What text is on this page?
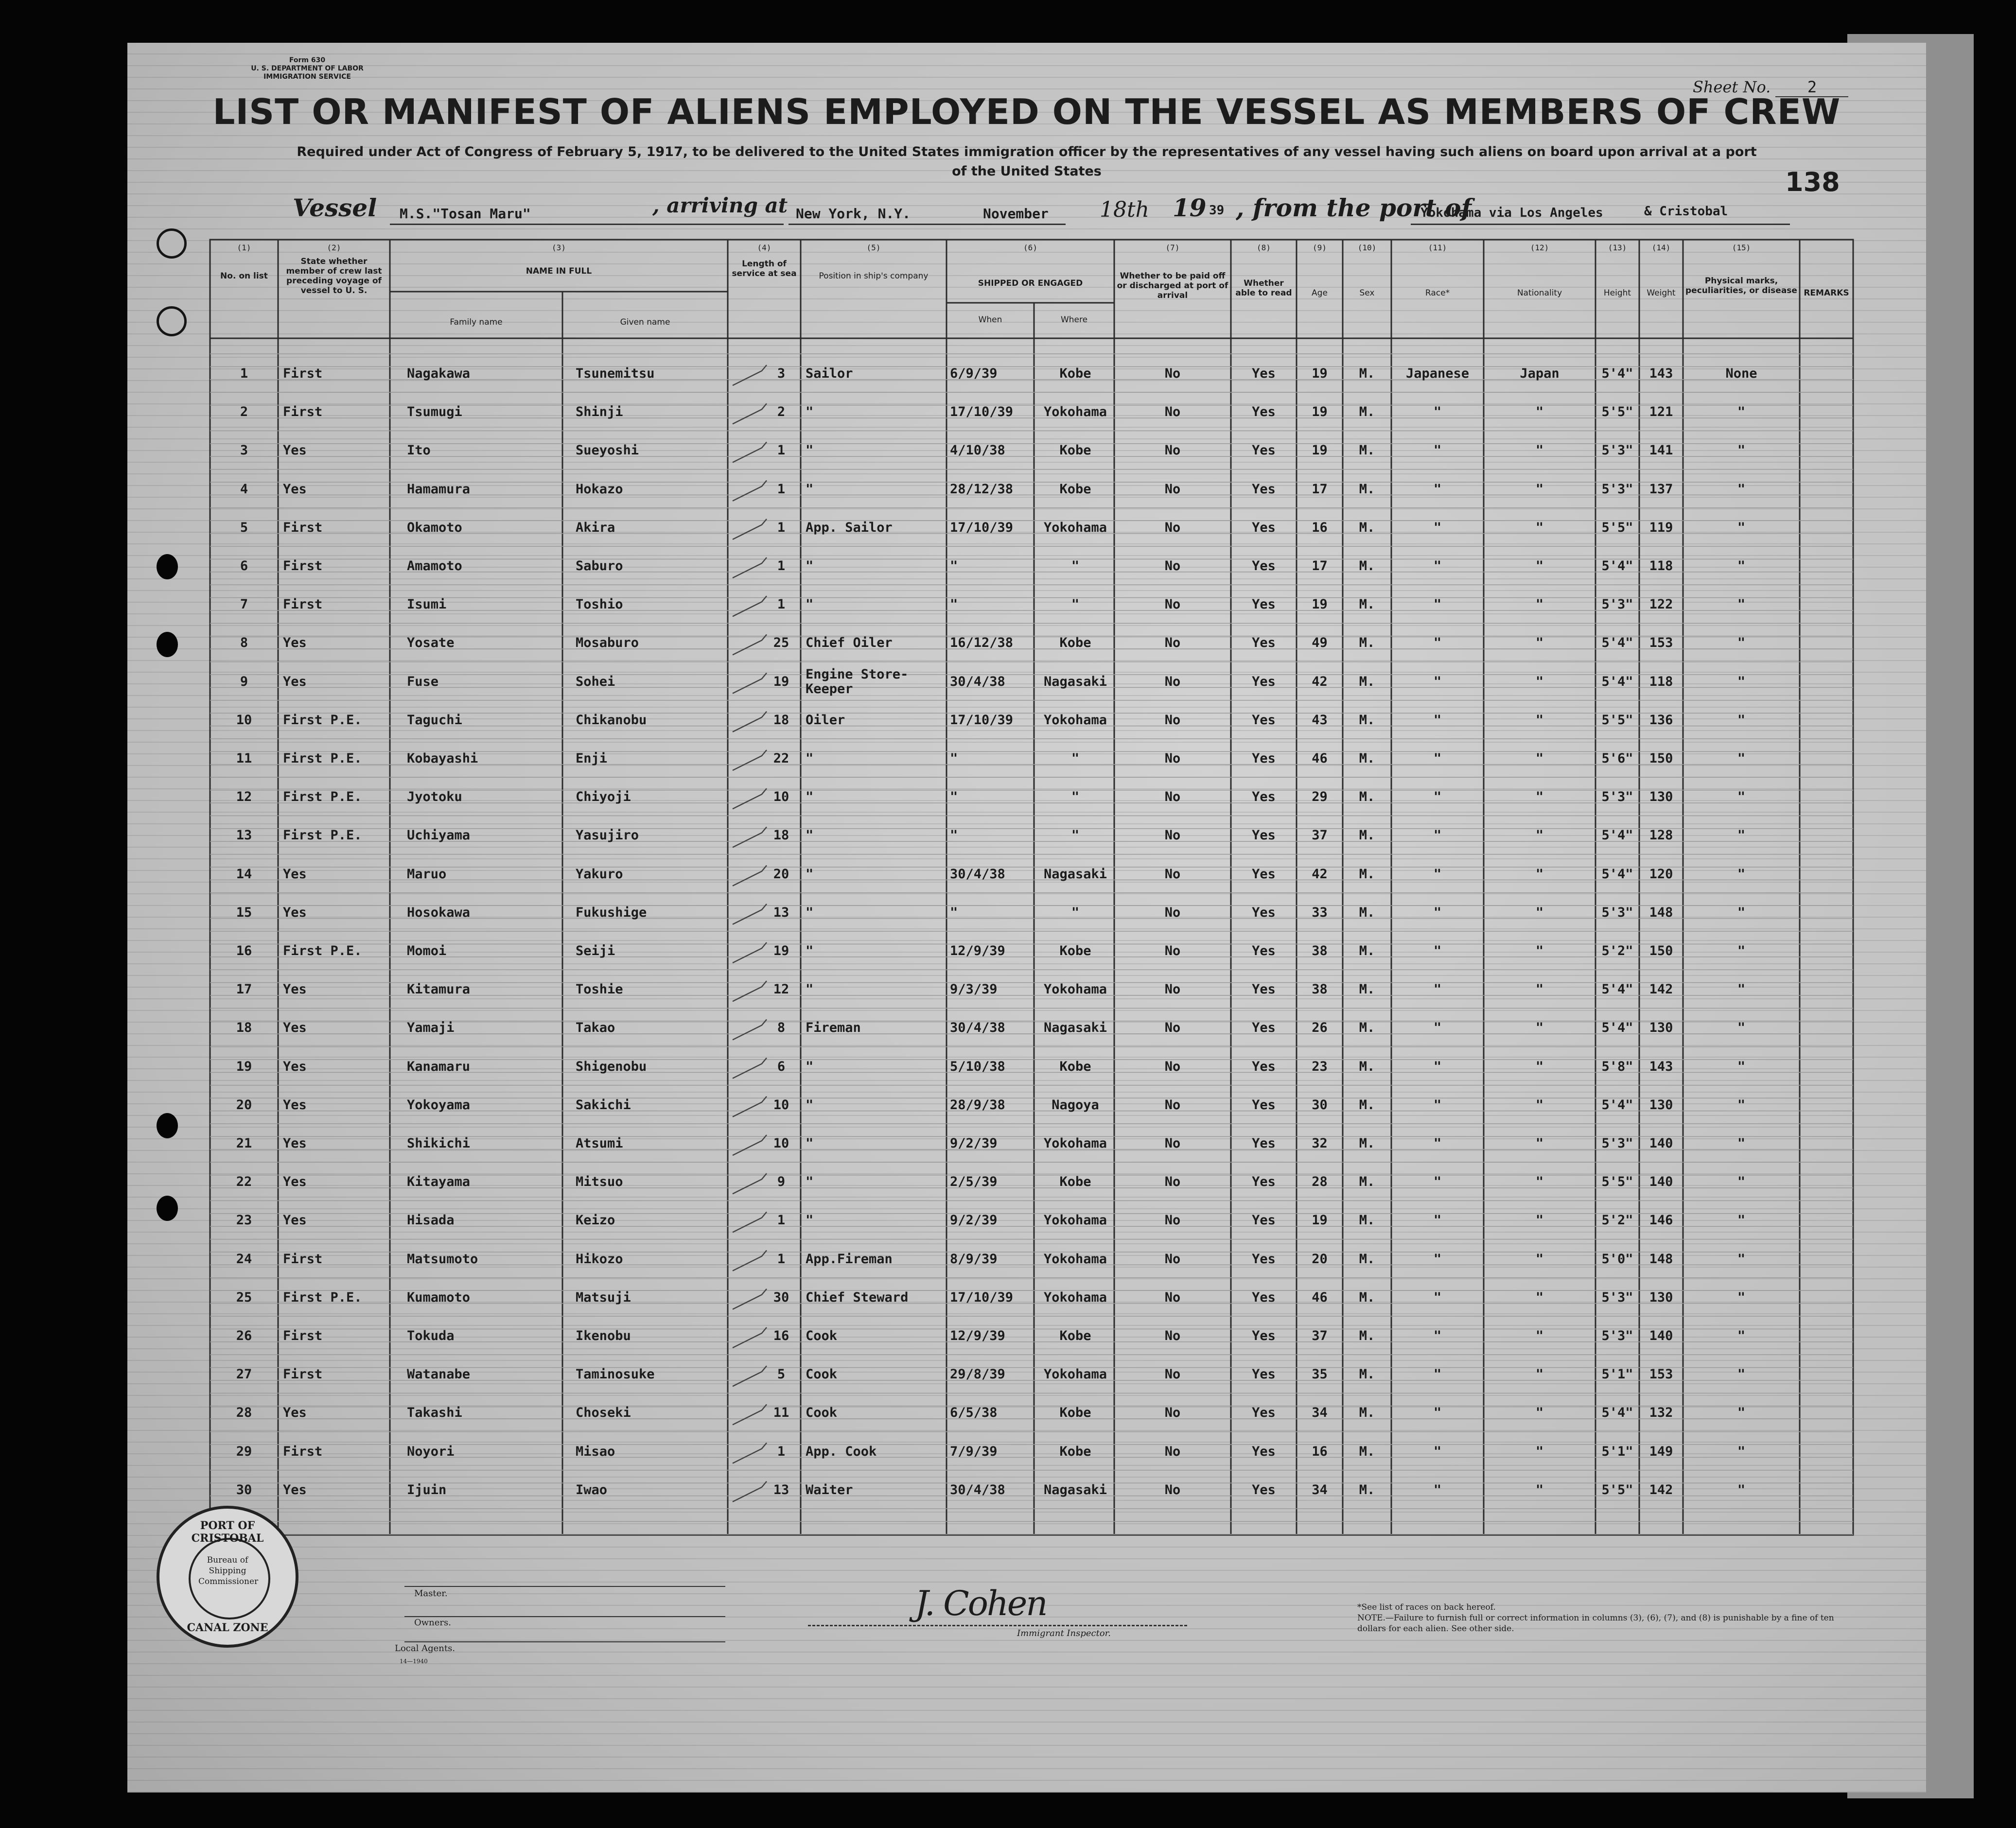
Form 630
U. S. DEPARTMENT OF LABOR
IMMIGRATION SERVICE
Sheet No. 2
LIST OR MANIFEST OF ALIENS EMPLOYED ON THE VESSEL AS MEMBERS OF CREW
Required under Act of Congress of February 5, 1917, to be delivered to the United States immigration officer by the representatives of any vessel having such aliens on board upon arrival at a port of the United States	138
Vessel M.S."Tosan Maru"	, arriving at New York, N.Y.	November 18th 19 39 , from the port of
Yokohama via Los Angeles	& Cristobal
(1)	(2)	(3)	(4)	(5)	(6)	(7)	(8)	(9)	(10)	(11)	(12)	(13)	(14)	(15)
No. on list
State whether member of crew last preceding voyage of vessel to U. S.
NAME IN FULL
Family name	Given name
Length of service at sea	Position in ship's company
SHIPPED OR ENGAGED
When	Where
Whether to be paid off or discharged at port of arrival
Whether able to read	Age	Sex	Race*	Nationality	Height	Weight
Physical marks, peculiarities, or disease REMARKS
1	First	Nagakawa	Tsunemitsu	3	Sailor	6/9/39	Kobe	No	Yes	19	M.	Japanese	Japan	5'4"	143	None
2	First	Tsumugi	Shinji	2	"	17/10/39	Yokohama	No	Yes	19	M.	"	"	5'5"	121	"
3	Yes	Ito	Sueyoshi	1	"	4/10/38	Kobe	No	Yes	19	M.	"	"	5'3"	141	"
4	Yes	Hamamura	Hokazo	1	"	28/12/38	Kobe	No	Yes	17	M.	"	"	5'3"	137	"
5	First	Okamoto	Akira	1	App. Sailor	17/10/39	Yokohama	No	Yes	16	M.	"	"	5'5"	119	"
6	First	Amamoto	Saburo	1	"	"	"	No	Yes	17	M.	"	"	5'4"	118	"
7	First	Isumi	Toshio	1	"	"	"	No	Yes	19	M.	"	"	5'3"	122	"
8	Yes	Yosate	Mosaburo	25	Chief Oiler	16/12/38	Kobe	No	Yes	49	M.	"	"	5'4"	153	"
9	Yes	Fuse	Sohei	19	Engine Store-Keeper	30/4/38	Nagasaki	No	Yes	42	M.	"	"	5'4"	118	"
10	First P.E.	Taguchi	Chikanobu	18	Oiler	17/10/39	Yokohama	No	Yes	43	M.	"	"	5'5"	136	"
11	First P.E.	Kobayashi	Enji	22	"	"	"	No	Yes	46	M.	"	"	5'6"	150	"
12	First P.E.	Jyotoku	Chiyoji	10	"	"	"	No	Yes	29	M.	"	"	5'3"	130	"
13	First P.E.	Uchiyama	Yasujiro	18	"	"	"	No	Yes	37	M.	"	"	5'4"	128	"
14	Yes	Maruo	Yakuro	20	"	30/4/38	Nagasaki	No	Yes	42	M.	"	"	5'4"	120	"
15	Yes	Hosokawa	Fukushige	13	"	"	"	No	Yes	33	M.	"	"	5'3"	148	"
16	First P.E.	Momoi	Seiji	19	"	12/9/39	Kobe	No	Yes	38	M.	"	"	5'2"	150	"
17	Yes	Kitamura	Toshie	12	"	9/3/39	Yokohama	No	Yes	38	M.	"	"	5'4"	142	"
18	Yes	Yamaji	Takao	8	Fireman	30/4/38	Nagasaki	No	Yes	26	M.	"	"	5'4"	130	"
19	Yes	Kanamaru	Shigenobu	6	"	5/10/38	Kobe	No	Yes	23	M.	"	"	5'8"	143	"
20	Yes	Yokoyama	Sakichi	10	"	28/9/38	Nagoya	No	Yes	30	M.	"	"	5'4"	130	"
21	Yes	Shikichi	Atsumi	10	"	9/2/39	Yokohama	No	Yes	32	M.	"	"	5'3"	140	"
22	Yes	Kitayama	Mitsuo	9	"	2/5/39	Kobe	No	Yes	28	M.	"	"	5'5"	140	"
23	Yes	Hisada	Keizo	1	"	9/2/39	Yokohama	No	Yes	19	M.	"	"	5'2"	146	"
24	First	Matsumoto	Hikozo	1	App.Fireman	8/9/39	Yokohama	No	Yes	20	M.	"	"	5'0"	148	"
25	First P.E.	Kumamoto	Matsuji	30	Chief Steward	17/10/39	Yokohama	No	Yes	46	M.	"	"	5'3"	130	"
26	First	Tokuda	Ikenobu	16	Cook	12/9/39	Kobe	No	Yes	37	M.	"	"	5'3"	140	"
27	First	Watanabe	Taminosuke	5	Cook	29/8/39	Yokohama	No	Yes	35	M.	"	"	5'1"	153	"
28	Yes	Takashi	Choseki	11	Cook	6/5/38	Kobe	No	Yes	34	M.	"	"	5'4"	132	"
29	First	Noyori	Misao	1	App. Cook	7/9/39	Kobe	No	Yes	16	M.	"	"	5'1"	149	"
30	Yes	Ijuin	Iwao	13	Waiter	30/4/38	Nagasaki	No	Yes	34	M.	"	"	5'5"	142	"
Master.
Owners.
Local Agents.
14—1940
J. Cohen
Immigrant Inspector.
*See list of races on back hereof.
NOTE.—Failure to furnish full or correct information in columns (3), (6), (7), and (8) is punishable by a fine of ten dollars for each alien. See other side.
PORT OF CRISTOBAL
Bureau of Shipping Commissioner
CANAL ZONE
